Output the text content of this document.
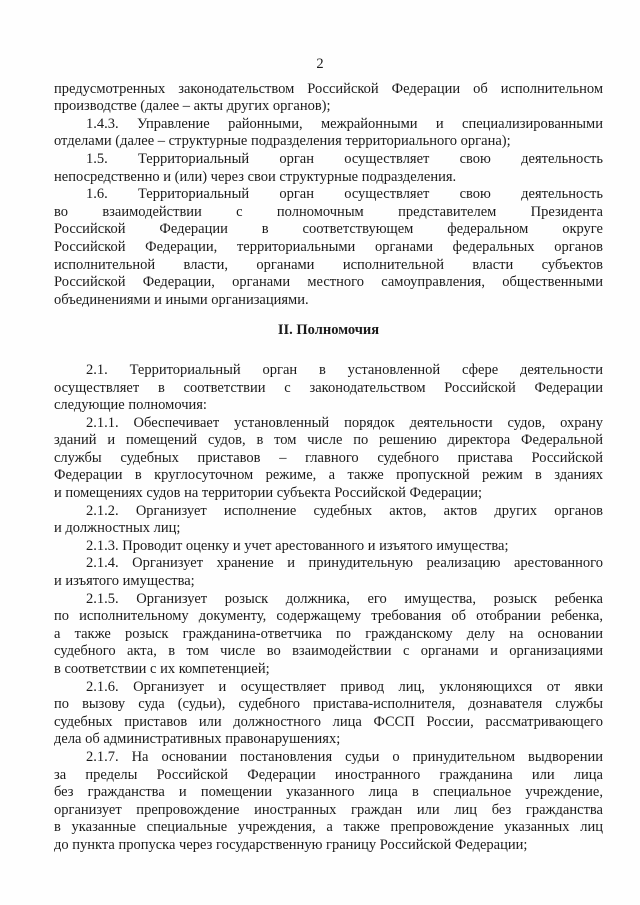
2
предусмотренных законодательством Российской Федерации об исполнительном
производстве (далее – акты других органов);
1.4.3. Управление районными, межрайонными и специализированными
отделами (далее – структурные подразделения территориального органа);
1.5. Территориальный орган осуществляет свою деятельность
непосредственно и (или) через свои структурные подразделения.
1.6. Территориальный орган осуществляет свою деятельность
во взаимодействии с полномочным представителем Президента
Российской Федерации в соответствующем федеральном округе
Российской Федерации, территориальными органами федеральных органов
исполнительной власти, органами исполнительной власти субъектов
Российской Федерации, органами местного самоуправления, общественными
объединениями и иными организациями.
II. Полномочия
2.1. Территориальный орган в установленной сфере деятельности
осуществляет в соответствии с законодательством Российской Федерации
следующие полномочия:
2.1.1. Обеспечивает установленный порядок деятельности судов, охрану
зданий и помещений судов, в том числе по решению директора Федеральной
службы судебных приставов – главного судебного пристава Российской
Федерации в круглосуточном режиме, а также пропускной режим в зданиях
и помещениях судов на территории субъекта Российской Федерации;
2.1.2. Организует исполнение судебных актов, актов других органов
и должностных лиц;
2.1.3. Проводит оценку и учет арестованного и изъятого имущества;
2.1.4. Организует хранение и принудительную реализацию арестованного
и изъятого имущества;
2.1.5. Организует розыск должника, его имущества, розыск ребенка
по исполнительному документу, содержащему требования об отобрании ребенка,
а также розыск гражданина-ответчика по гражданскому делу на основании
судебного акта, в том числе во взаимодействии с органами и организациями
в соответствии с их компетенцией;
2.1.6. Организует и осуществляет привод лиц, уклоняющихся от явки
по вызову суда (судьи), судебного пристава-исполнителя, дознавателя службы
судебных приставов или должностного лица ФССП России, рассматривающего
дела об административных правонарушениях;
2.1.7. На основании постановления судьи о принудительном выдворении
за пределы Российской Федерации иностранного гражданина или лица
без гражданства и помещении указанного лица в специальное учреждение,
организует препровождение иностранных граждан или лиц без гражданства
в указанные специальные учреждения, а также препровождение указанных лиц
до пункта пропуска через государственную границу Российской Федерации;
